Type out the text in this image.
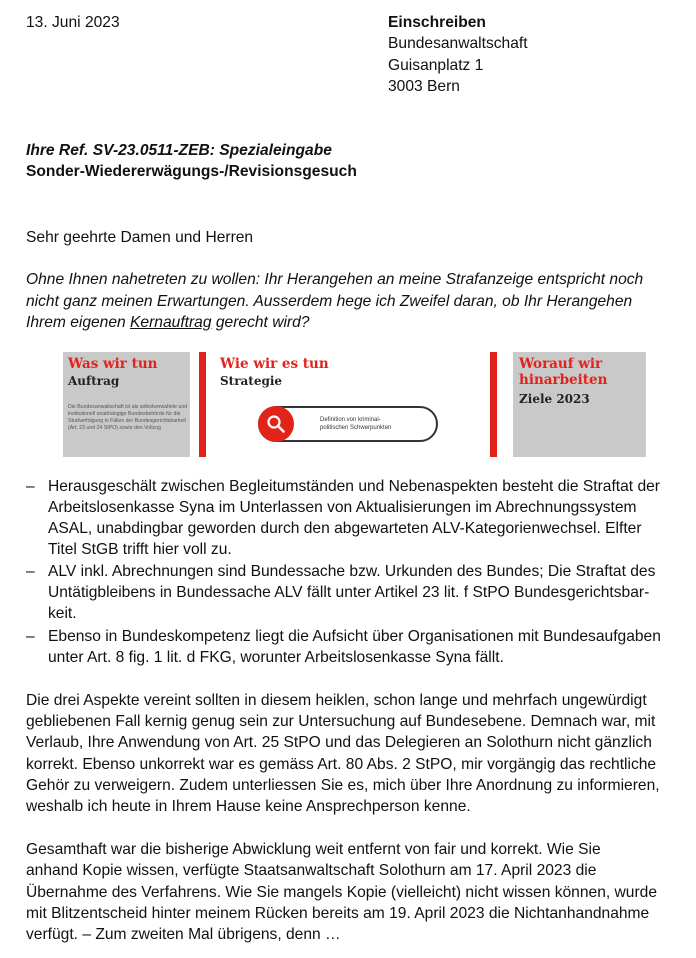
13. Juni 2023	Einschreiben
Bundesanwaltschaft
Guisanplatz 1
3003 Bern
Ihre Ref. SV-23.0511-ZEB: Spezialeingabe
Sonder-Wiedererwägungs-/Revisionsgesuch
Sehr geehrte Damen und Herren
Ohne Ihnen nahetreten zu wollen: Ihr Herangehen an meine Strafanzeige entspricht noch
nicht ganz meinen Erwartungen. Ausserdem hege ich Zweifel daran, ob Ihr Herangehen
Ihrem eigenen Kernauftrag gerecht wird?
Was wir tun
Auftrag
Die Bundesanwaltschaft ist als selbstverwaltete und institutionell unabhängige Bundesbehörde für die Strafverfolgung in Fällen der Bundesgerichtsbarkeit (Art. 23 und 24 StPO) sowie den Vollzug
Wie wir es tun
Strategie
Definition von kriminal-
politischen Schwerpunkten
Worauf wir
hinarbeiten
Ziele 2023
– Herausgeschält zwischen Begleitumständen und Nebenaspekten besteht die Straftat der
Arbeitslosenkasse Syna im Unterlassen von Aktualisierungen im Abrechnungssystem
ASAL, unabdingbar geworden durch den abgewarteten ALV-Kategorienwechsel. Elfter
Titel StGB trifft hier voll zu.
– ALV inkl. Abrechnungen sind Bundessache bzw. Urkunden des Bundes; Die Straftat des
Untätigbleibens in Bundessache ALV fällt unter Artikel 23 lit. f StPO Bundesgerichtsbar-
keit.
– Ebenso in Bundeskompetenz liegt die Aufsicht über Organisationen mit Bundesaufgaben
unter Art. 8 fig. 1 lit. d FKG, worunter Arbeitslosenkasse Syna fällt.
Die drei Aspekte vereint sollten in diesem heiklen, schon lange und mehrfach ungewürdigt
gebliebenen Fall kernig genug sein zur Untersuchung auf Bundesebene. Demnach war, mit
Verlaub, Ihre Anwendung von Art. 25 StPO und das Delegieren an Solothurn nicht gänzlich
korrekt. Ebenso unkorrekt war es gemäss Art. 80 Abs. 2 StPO, mir vorgängig das rechtliche
Gehör zu verweigern. Zudem unterliessen Sie es, mich über Ihre Anordnung zu informieren,
weshalb ich heute in Ihrem Hause keine Ansprechperson kenne.
Gesamthaft war die bisherige Abwicklung weit entfernt von fair und korrekt. Wie Sie
anhand Kopie wissen, verfügte Staatsanwaltschaft Solothurn am 17. April 2023 die
Übernahme des Verfahrens. Wie Sie mangels Kopie (vielleicht) nicht wissen können, wurde
mit Blitzentscheid hinter meinem Rücken bereits am 19. April 2023 die Nichtanhandnahme
verfügt. – Zum zweiten Mal übrigens, denn …
